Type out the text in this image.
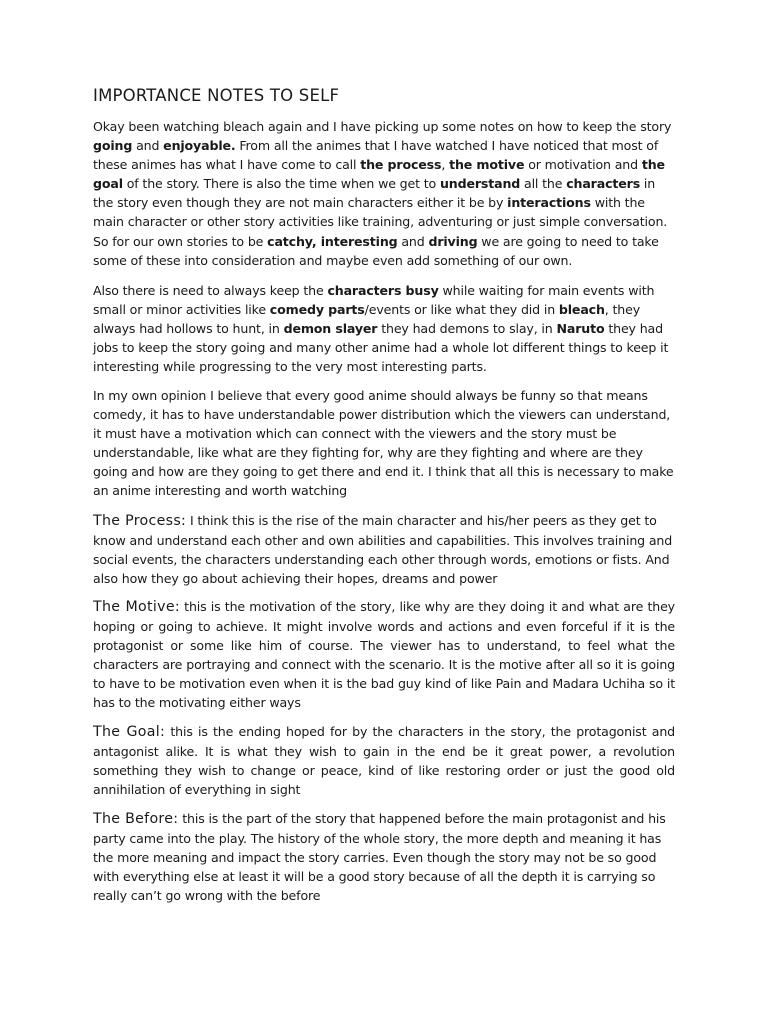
IMPORTANCE NOTES TO SELF

Okay been watching bleach again and I have picking up some notes on how to keep the story going and enjoyable. From all the animes that I have watched I have noticed that most of these animes has what I have come to call the process, the motive or motivation and the goal of the story. There is also the time when we get to understand all the characters in the story even though they are not main characters either it be by interactions with the main character or other story activities like training, adventuring or just simple conversation. So for our own stories to be catchy, interesting and driving we are going to need to take some of these into consideration and maybe even add something of our own.

Also there is need to always keep the characters busy while waiting for main events with small or minor activities like comedy parts/events or like what they did in bleach, they always had hollows to hunt, in demon slayer they had demons to slay, in Naruto they had jobs to keep the story going and many other anime had a whole lot different things to keep it interesting while progressing to the very most interesting parts.

In my own opinion I believe that every good anime should always be funny so that means comedy, it has to have understandable power distribution which the viewers can understand, it must have a motivation which can connect with the viewers and the story must be understandable, like what are they fighting for, why are they fighting and where are they going and how are they going to get there and end it. I think that all this is necessary to make an anime interesting and worth watching

The Process: I think this is the rise of the main character and his/her peers as they get to know and understand each other and own abilities and capabilities. This involves training and social events, the characters understanding each other through words, emotions or fists. And also how they go about achieving their hopes, dreams and power

The Motive: this is the motivation of the story, like why are they doing it and what are they hoping or going to achieve. It might involve words and actions and even forceful if it is the protagonist or some like him of course. The viewer has to understand, to feel what the characters are portraying and connect with the scenario. It is the motive after all so it is going to have to be motivation even when it is the bad guy kind of like Pain and Madara Uchiha so it has to the motivating either ways

The Goal: this is the ending hoped for by the characters in the story, the protagonist and antagonist alike. It is what they wish to gain in the end be it great power, a revolution something they wish to change or peace, kind of like restoring order or just the good old annihilation of everything in sight

The Before: this is the part of the story that happened before the main protagonist and his party came into the play. The history of the whole story, the more depth and meaning it has the more meaning and impact the story carries. Even though the story may not be so good with everything else at least it will be a good story because of all the depth it is carrying so really can’t go wrong with the before
